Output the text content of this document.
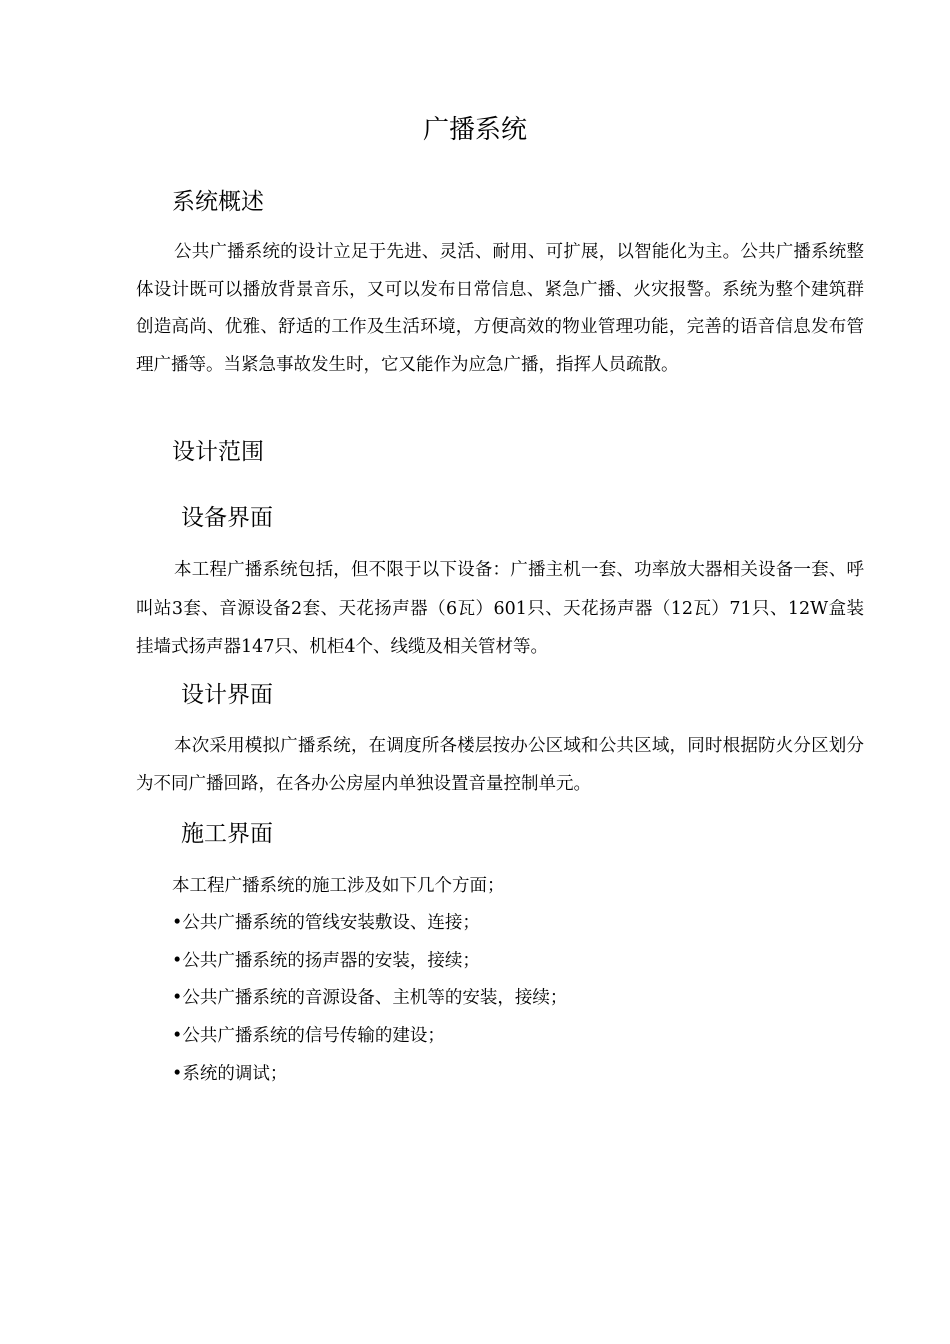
广播系统
系统概述

公共广播系统的设计立足于先进、灵活、耐用、可扩展，以智能化为主。公共广播系统整体设计既可以播放背景音乐，又可以发布日常信息、紧急广播、火灾报警。系统为整个建筑群创造高尚、优雅、舒适的工作及生活环境，方便高效的物业管理功能，完善的语音信息发布管理广播等。当紧急事故发生时，它又能作为应急广播，指挥人员疏散。

设计范围
设备界面

本工程广播系统包括，但不限于以下设备：广播主机一套、功率放大器相关设备一套、呼叫站3套、音源设备2套、天花扬声器（6瓦）601只、天花扬声器（12瓦）71只、12W盒装挂墙式扬声器147只、机柜4个、线缆及相关管材等。

设计界面

本次采用模拟广播系统，在调度所各楼层按办公区域和公共区域，同时根据防火分区划分为不同广播回路，在各办公房屋内单独设置音量控制单元。

施工界面

本工程广播系统的施工涉及如下几个方面；

•公共广播系统的管线安装敷设、连接；

•公共广播系统的扬声器的安装，接续；

•公共广播系统的音源设备、主机等的安装，接续；

•公共广播系统的信号传输的建设；

•系统的调试；
